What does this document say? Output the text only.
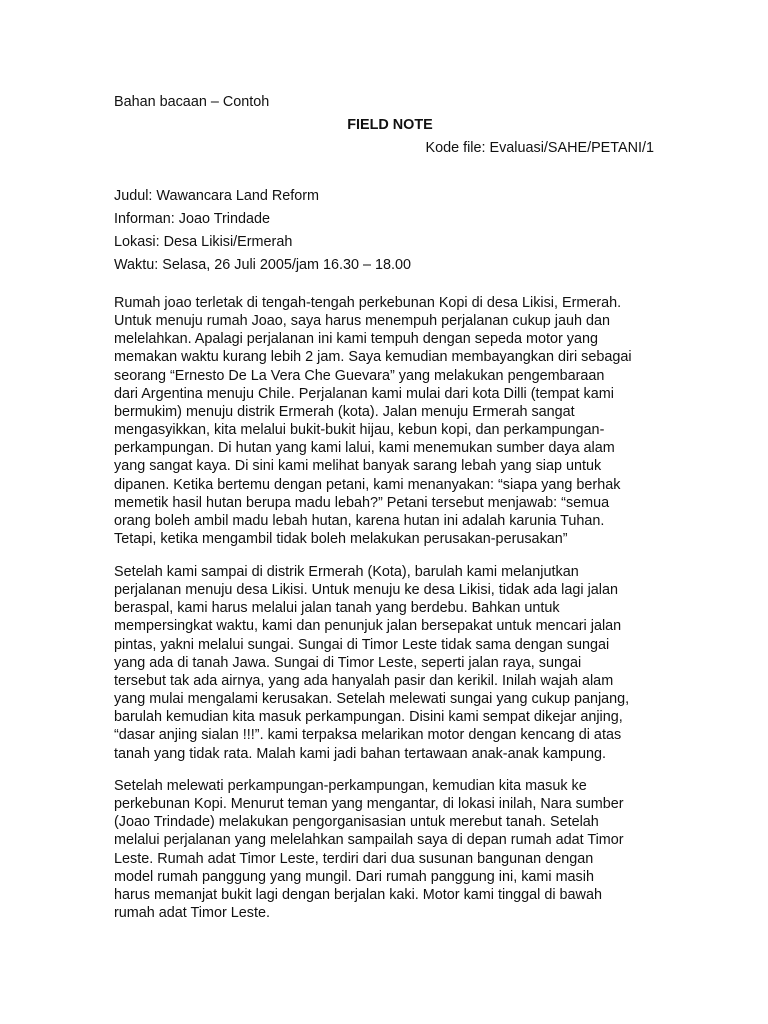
Bahan bacaan – Contoh
FIELD NOTE
Kode file: Evaluasi/SAHE/PETANI/1
Judul: Wawancara Land Reform
Informan: Joao Trindade
Lokasi: Desa Likisi/Ermerah
Waktu: Selasa, 26 Juli 2005/jam 16.30 – 18.00
Rumah joao terletak di tengah-tengah perkebunan Kopi di desa Likisi, Ermerah.
Untuk menuju rumah Joao, saya harus menempuh perjalanan cukup jauh dan
melelahkan. Apalagi perjalanan ini kami tempuh dengan sepeda motor yang
memakan waktu kurang lebih 2 jam. Saya kemudian membayangkan diri sebagai
seorang “Ernesto De La Vera Che Guevara” yang melakukan pengembaraan
dari Argentina menuju Chile. Perjalanan kami mulai dari kota Dilli (tempat kami
bermukim) menuju distrik Ermerah (kota). Jalan menuju Ermerah sangat
mengasyikkan, kita melalui bukit-bukit hijau, kebun kopi, dan perkampungan-
perkampungan. Di hutan yang kami lalui, kami menemukan sumber daya alam
yang sangat kaya. Di sini kami melihat banyak sarang lebah yang siap untuk
dipanen. Ketika bertemu dengan petani, kami menanyakan: “siapa yang berhak
memetik hasil hutan berupa madu lebah?” Petani tersebut menjawab: “semua
orang boleh ambil madu lebah hutan, karena hutan ini adalah karunia Tuhan.
Tetapi, ketika mengambil tidak boleh melakukan perusakan-perusakan”
Setelah kami sampai di distrik Ermerah (Kota), barulah kami melanjutkan
perjalanan menuju desa Likisi. Untuk menuju ke desa Likisi, tidak ada lagi jalan
beraspal, kami harus melalui jalan tanah yang berdebu. Bahkan untuk
mempersingkat waktu, kami dan penunjuk jalan bersepakat untuk mencari jalan
pintas, yakni melalui sungai. Sungai di Timor Leste tidak sama dengan sungai
yang ada di tanah Jawa. Sungai di Timor Leste, seperti jalan raya, sungai
tersebut tak ada airnya, yang ada hanyalah pasir dan kerikil. Inilah wajah alam
yang mulai mengalami kerusakan. Setelah melewati sungai yang cukup panjang,
barulah kemudian kita masuk perkampungan. Disini kami sempat dikejar anjing,
“dasar anjing sialan !!!”. kami terpaksa melarikan motor dengan kencang di atas
tanah yang tidak rata. Malah kami jadi bahan tertawaan anak-anak kampung.
Setelah melewati perkampungan-perkampungan, kemudian kita masuk ke
perkebunan Kopi. Menurut teman yang mengantar, di lokasi inilah, Nara sumber
(Joao Trindade) melakukan pengorganisasian untuk merebut tanah. Setelah
melalui perjalanan yang melelahkan sampailah saya di depan rumah adat Timor
Leste. Rumah adat Timor Leste, terdiri dari dua susunan bangunan dengan
model rumah panggung yang mungil. Dari rumah panggung ini, kami masih
harus memanjat bukit lagi dengan berjalan kaki. Motor kami tinggal di bawah
rumah adat Timor Leste.
